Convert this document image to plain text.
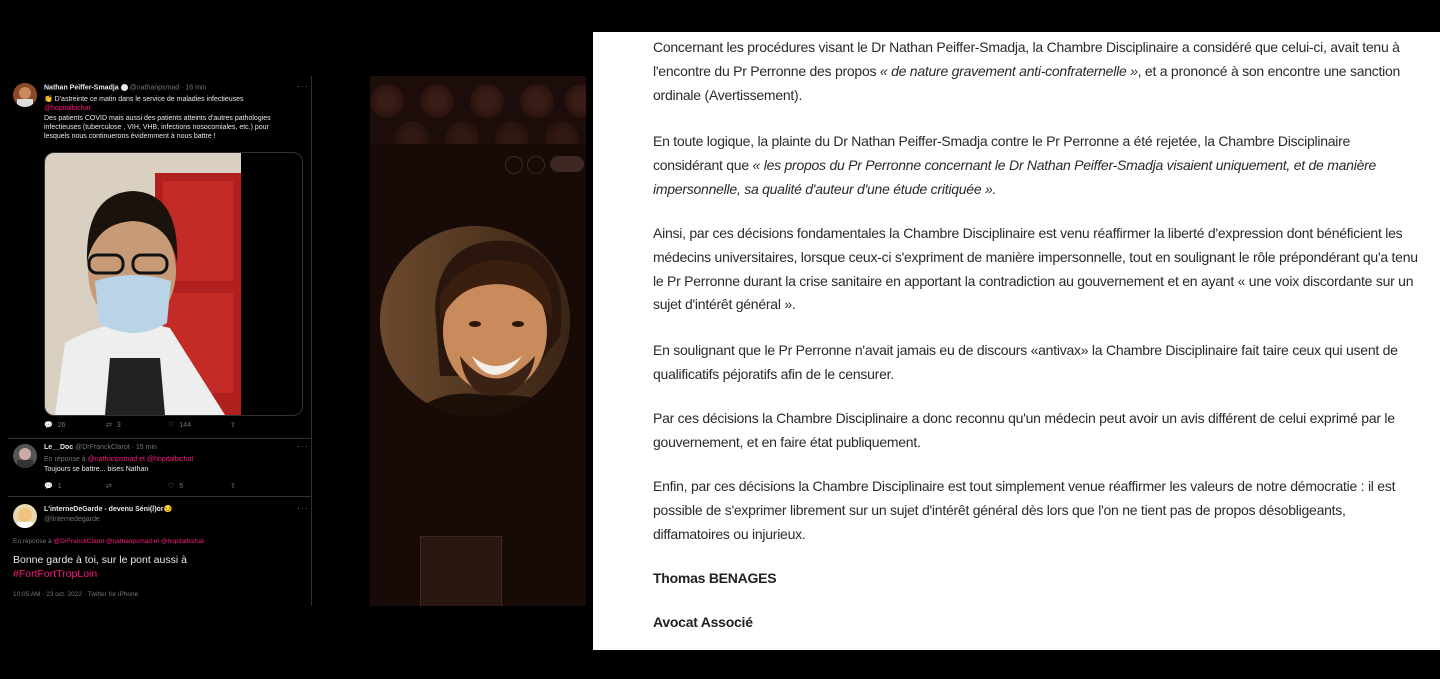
Nathan Peiffer-Smadja @nathanpsmad · 16 min	···
👏 D'astreinte ce matin dans le service de maladies infectieuses
@hopitalbichat
Des patients COVID mais aussi des patients atteints d'autres pathologies
infectieuses (tuberculose , VIH, VHB, infections nosocomiales, etc.) pour
lesquels nous continuerons évidemment à nous battre !
💬 26	⇄ 3	♡ 144	⇪
Le__Doc @DrFranckClarot · 15 min	···
En réponse à @nathanpsmad et @hopitalbichat
Toujours se battre... bises Nathan
💬 1	⇄	♡ 5	⇪
L'interneDeGarde - devenu Séni(l)or😏
@linternedegarde
···
En réponse à @DrFranckClarot @nathanpsmad et @hopitalbichat
Bonne garde à toi, sur le pont aussi à
#FortFortTropLoin
10:05 AM · 23 oct. 2022 · Twitter for iPhone

Concernant les procédures visant le Dr Nathan Peiffer-Smadja, la Chambre Disciplinaire a considéré que celui-ci, avait tenu à l'encontre du Pr Perronne des propos « de nature gravement anti-confraternelle », et a prononcé à son encontre une sanction ordinale (Avertissement).

En toute logique, la plainte du Dr Nathan Peiffer-Smadja contre le Pr Perronne a été rejetée, la Chambre Disciplinaire considérant que « les propos du Pr Perronne concernant le Dr Nathan Peiffer-Smadja visaient uniquement, et de manière impersonnelle, sa qualité d'auteur d'une étude critiquée ».

Ainsi, par ces décisions fondamentales la Chambre Disciplinaire est venu réaffirmer la liberté d'expression dont bénéficient les médecins universitaires, lorsque ceux-ci s'expriment de manière impersonnelle, tout en soulignant le rôle prépondérant qu'a tenu le Pr Perronne durant la crise sanitaire en apportant la contradiction au gouvernement et en ayant « une voix discordante sur un sujet d'intérêt général ».

En soulignant que le Pr Perronne n'avait jamais eu de discours «antivax» la Chambre Disciplinaire fait taire ceux qui usent de qualificatifs péjoratifs afin de le censurer.

Par ces décisions la Chambre Disciplinaire a donc reconnu qu'un médecin peut avoir un avis différent de celui exprimé par le gouvernement, et en faire état publiquement.

Enfin, par ces décisions la Chambre Disciplinaire est tout simplement venue réaffirmer les valeurs de notre démocratie : il est possible de s'exprimer librement sur un sujet d'intérêt général dès lors que l'on ne tient pas de propos désobligeants, diffamatoires ou injurieux.

Thomas BENAGES

Avocat Associé
